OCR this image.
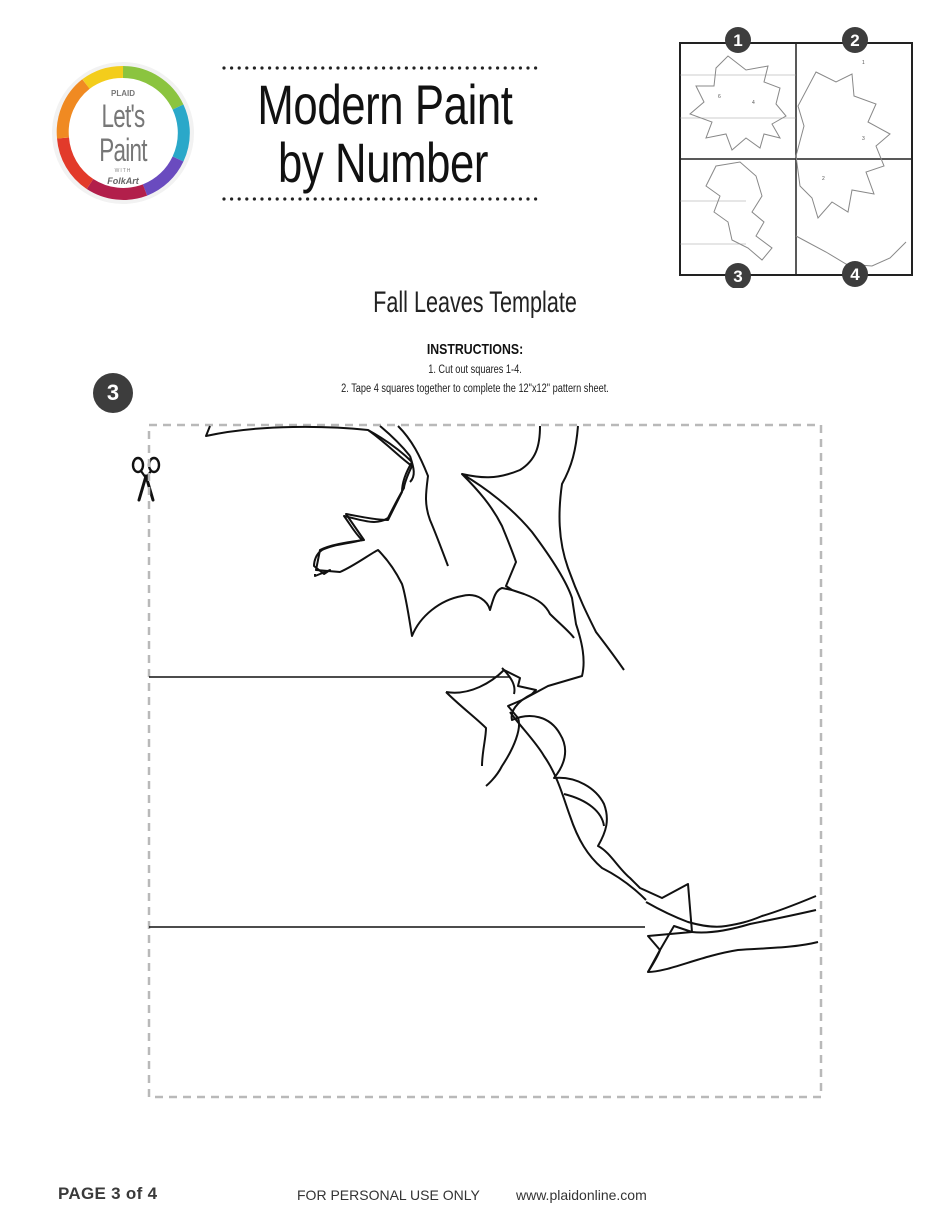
PLAID
Let's
Paint
WITH
FolkArt
Modern Paint
by Number
1
6
4
2
3
1	2
3	4
Fall Leaves Template
INSTRUCTIONS:
1. Cut out squares 1-4.
2. Tape 4 squares together to complete the 12"x12" pattern sheet.
3
PAGE 3 of 4	FOR PERSONAL USE ONLY	www.plaidonline.com
